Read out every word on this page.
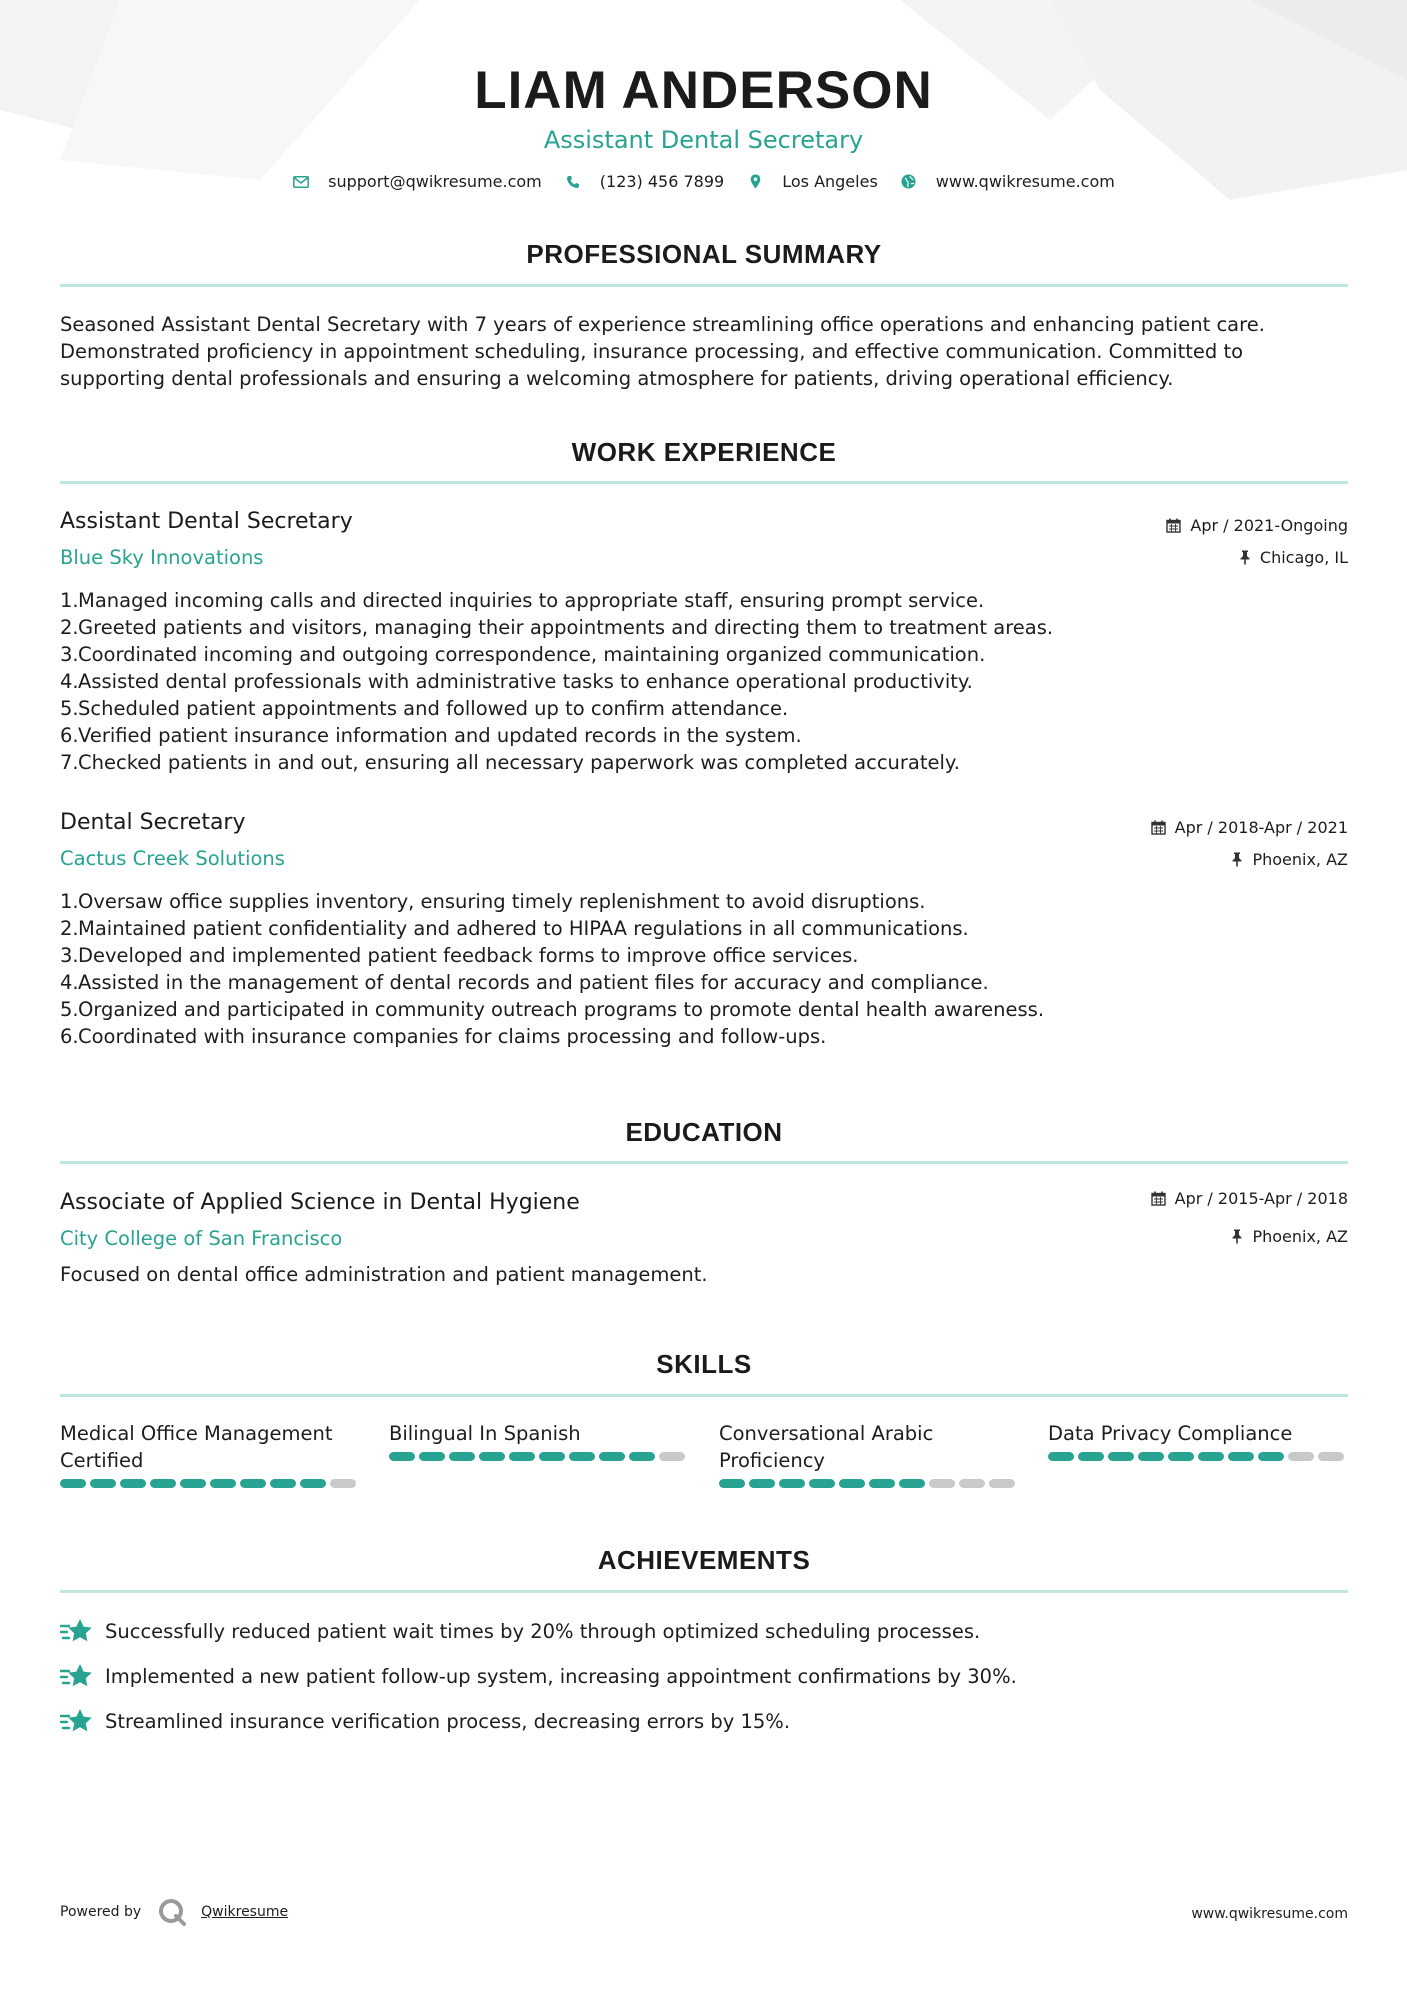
LIAM ANDERSON
Assistant Dental Secretary
support@qwikresume.com	(123) 456 7899	Los Angeles	www.qwikresume.com
PROFESSIONAL SUMMARY
Seasoned Assistant Dental Secretary with 7 years of experience streamlining office operations and enhancing patient care. Demonstrated proficiency in appointment scheduling, insurance processing, and effective communication. Committed to supporting dental professionals and ensuring a welcoming atmosphere for patients, driving operational efficiency.
WORK EXPERIENCE
Assistant Dental Secretary
Blue Sky Innovations
Apr / 2021-Ongoing
Chicago, IL
1. Managed incoming calls and directed inquiries to appropriate staff, ensuring prompt service.
2. Greeted patients and visitors, managing their appointments and directing them to treatment areas.
3. Coordinated incoming and outgoing correspondence, maintaining organized communication.
4. Assisted dental professionals with administrative tasks to enhance operational productivity.
5. Scheduled patient appointments and followed up to confirm attendance.
6. Verified patient insurance information and updated records in the system.
7. Checked patients in and out, ensuring all necessary paperwork was completed accurately.
Dental Secretary
Cactus Creek Solutions
Apr / 2018-Apr / 2021
Phoenix, AZ
1. Oversaw office supplies inventory, ensuring timely replenishment to avoid disruptions.
2. Maintained patient confidentiality and adhered to HIPAA regulations in all communications.
3. Developed and implemented patient feedback forms to improve office services.
4. Assisted in the management of dental records and patient files for accuracy and compliance.
5. Organized and participated in community outreach programs to promote dental health awareness.
6. Coordinated with insurance companies for claims processing and follow-ups.
EDUCATION
Associate of Applied Science in Dental Hygiene
City College of San Francisco
Apr / 2015-Apr / 2018
Phoenix, AZ
Focused on dental office administration and patient management.
SKILLS
Medical Office Management Certified
Bilingual In Spanish	Conversational Arabic Proficiency
Data Privacy Compliance
ACHIEVEMENTS
Successfully reduced patient wait times by 20% through optimized scheduling processes.
Implemented a new patient follow-up system, increasing appointment confirmations by 30%.
Streamlined insurance verification process, decreasing errors by 15%.
Powered by	Qwikresume	www.qwikresume.com
